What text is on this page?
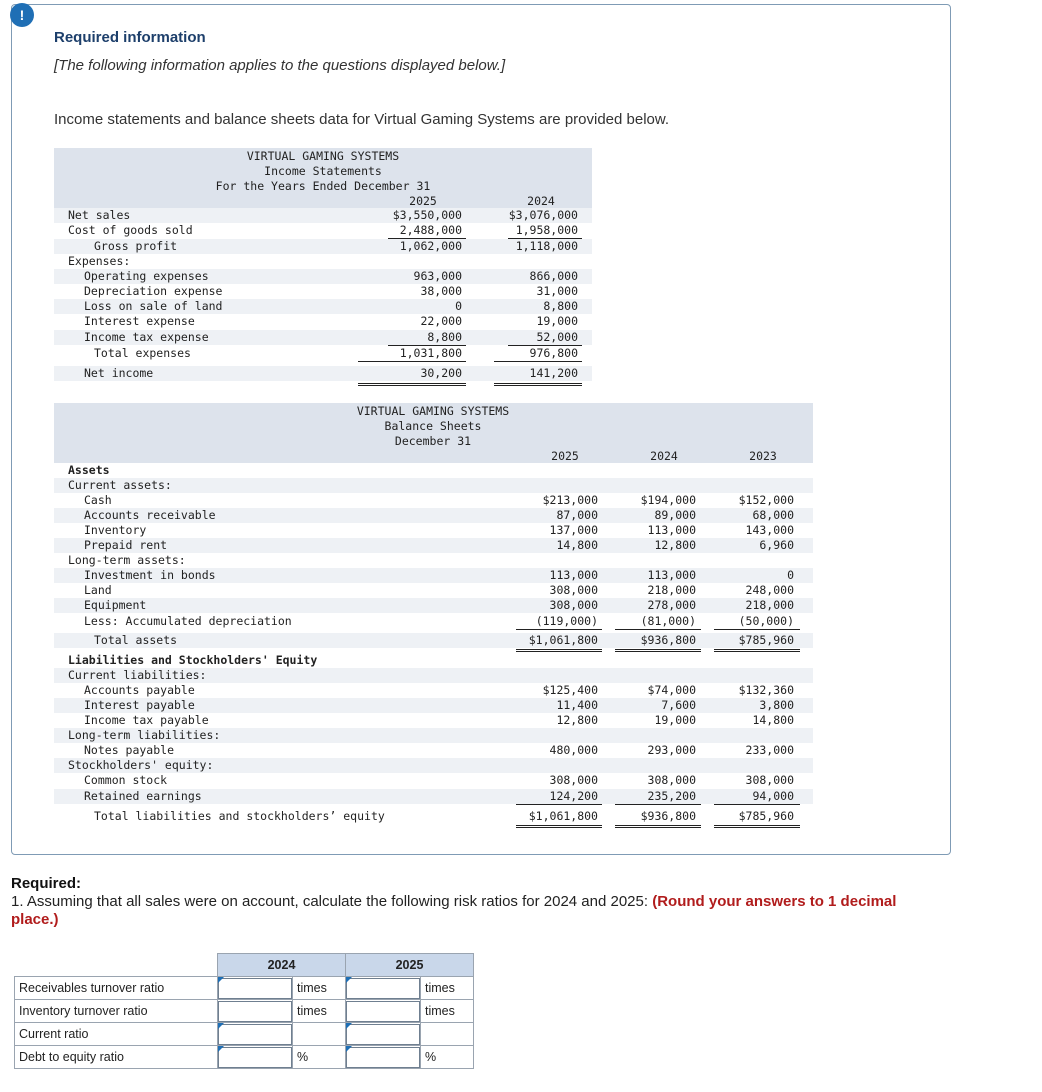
!
Required information
[The following information applies to the questions displayed below.]
Income statements and balance sheets data for Virtual Gaming Systems are provided below.
VIRTUAL GAMING SYSTEMS
Income Statements
For the Years Ended December 31
2025	2024
Net sales	$3,550,000	$3,076,000
Cost of goods sold	2,488,000	1,958,000
Gross profit	1,062,000	1,118,000
Expenses:
Operating expenses	963,000	866,000
Depreciation expense	38,000	31,000
Loss on sale of land	0	8,800
Interest expense	22,000	19,000
Income tax expense	8,800	52,000
Total expenses	1,031,800	976,800
Net income	30,200	141,200
VIRTUAL GAMING SYSTEMS
Balance Sheets
December 31
2025	2024	2023
Assets
Current assets:
Cash	$213,000	$194,000	$152,000
Accounts receivable	87,000	89,000	68,000
Inventory	137,000	113,000	143,000
Prepaid rent	14,800	12,800	6,960
Long-term assets:
Investment in bonds	113,000	113,000	0
Land	308,000	218,000	248,000
Equipment	308,000	278,000	218,000
Less: Accumulated depreciation	(119,000)	(81,000)	(50,000)
Total assets	$1,061,800	$936,800	$785,960
Liabilities and Stockholders' Equity
Current liabilities:
Accounts payable	$125,400	$74,000	$132,360
Interest payable	11,400	7,600	3,800
Income tax payable	12,800	19,000	14,800
Long-term liabilities:
Notes payable	480,000	293,000	233,000
Stockholders' equity:
Common stock	308,000	308,000	308,000
Retained earnings	124,200	235,200	94,000
Total liabilities and stockholders’ equity	$1,061,800	$936,800	$785,960
Required:
1. Assuming that all sales were on account, calculate the following risk ratios for 2024 and 2025: (Round your answers to 1 decimal place.)
	2024		2025	
Receivables turnover ratio		times		times
Inventory turnover ratio		times		times
Current ratio	

Debt to equity ratio		%		%
